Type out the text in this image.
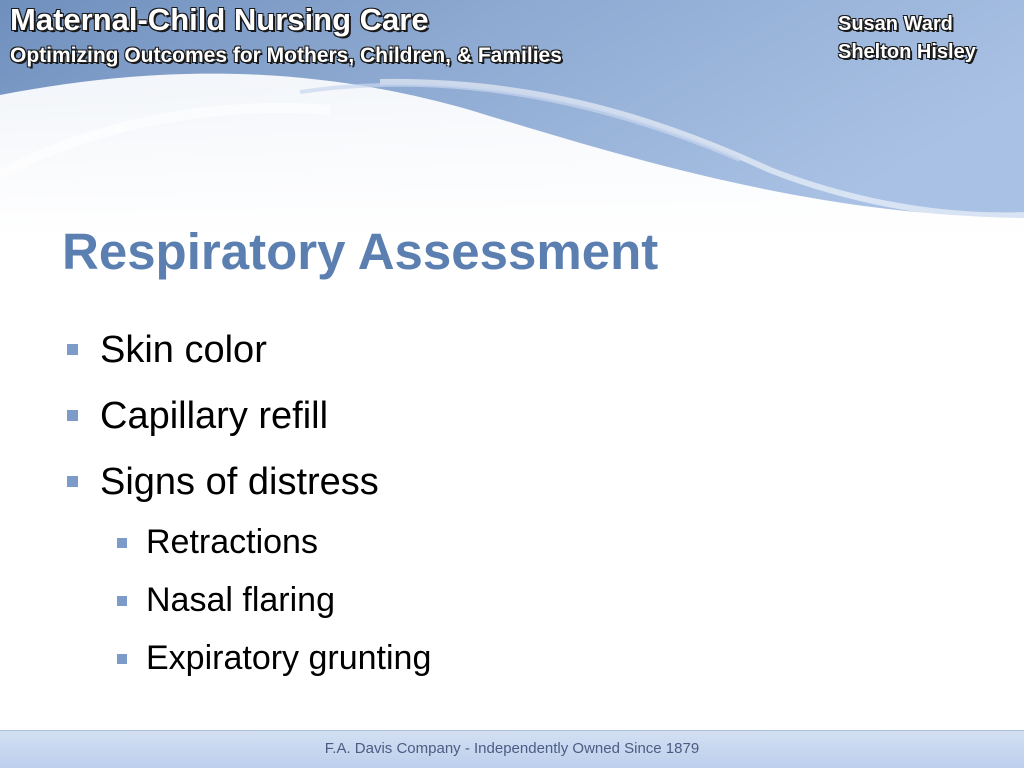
Maternal-Child Nursing Care
Optimizing Outcomes for Mothers, Children, & Families
Susan Ward
Shelton Hisley
Respiratory Assessment
Skin color
Capillary refill
Signs of distress
Retractions
Nasal flaring
Expiratory grunting
F.A. Davis Company - Independently Owned Since 1879
